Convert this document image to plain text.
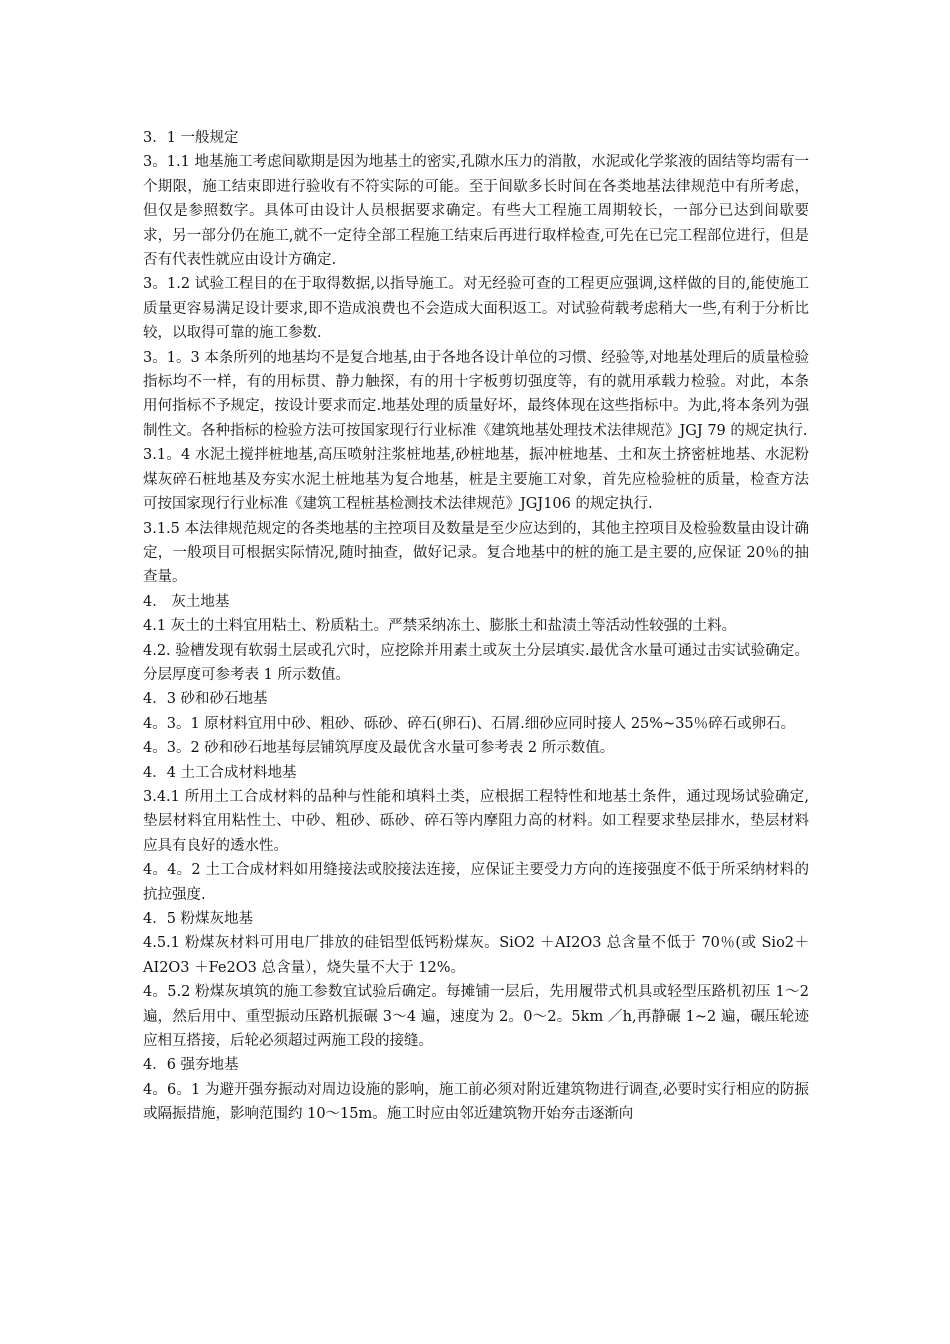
3．1 一般规定

3。1.1 地基施工考虑间歇期是因为地基土的密实,孔隙水压力的消散，水泥或化学浆液的固结等均需有一个期限，施工结束即进行验收有不符实际的可能。至于间歇多长时间在各类地基法律规范中有所考虑，但仅是参照数字。具体可由设计人员根据要求确定。有些大工程施工周期较长，一部分已达到间歇要求，另一部分仍在施工,就不一定待全部工程施工结束后再进行取样检查,可先在已完工程部位进行，但是否有代表性就应由设计方确定.

3。1.2 试验工程目的在于取得数据,以指导施工。对无经验可查的工程更应强调,这样做的目的,能使施工质量更容易满足设计要求,即不造成浪费也不会造成大面积返工。对试验荷载考虑稍大一些,有利于分析比较，以取得可靠的施工参数.

3。1。3 本条所列的地基均不是复合地基,由于各地各设计单位的习惯、经验等,对地基处理后的质量检验指标均不一样，有的用标贯、静力触探，有的用十字板剪切强度等，有的就用承载力检验。对此，本条用何指标不予规定，按设计要求而定.地基处理的质量好坏，最终体现在这些指标中。为此,将本条列为强制性文。各种指标的检验方法可按国家现行行业标准《建筑地基处理技术法律规范》JGJ 79 的规定执行.

3.1。4 水泥土搅拌桩地基,高压喷射注浆桩地基,砂桩地基，振冲桩地基、土和灰土挤密桩地基、水泥粉煤灰碎石桩地基及夯实水泥土桩地基为复合地基，桩是主要施工对象，首先应检验桩的质量，检查方法可按国家现行行业标准《建筑工程桩基检测技术法律规范》JGJ106 的规定执行.

3.1.5 本法律规范规定的各类地基的主控项目及数量是至少应达到的，其他主控项目及检验数量由设计确定，一般项目可根据实际情况,随时抽查，做好记录。复合地基中的桩的施工是主要的,应保证 20％的抽查量。

4． 灰土地基

4.1 灰土的土料宜用粘土、粉质粘土。严禁采纳冻土、膨胀土和盐渍土等活动性较强的土料。

4.2. 验槽发现有软弱土层或孔穴时，应挖除并用素土或灰土分层填实.最优含水量可通过击实试验确定。分层厚度可参考表 1 所示数值。

4．3 砂和砂石地基

4。3。1 原材料宜用中砂、粗砂、砾砂、碎石(卵石)、石屑.细砂应同时接人 25%~35％碎石或卵石。

4。3。2 砂和砂石地基每层铺筑厚度及最优含水量可参考表 2 所示数值。

4．4 土工合成材料地基

3.4.1 所用土工合成材料的品种与性能和填料土类，应根据工程特性和地基土条件，通过现场试验确定,垫层材料宜用粘性土、中砂、粗砂、砾砂、碎石等内摩阻力高的材料。如工程要求垫层排水，垫层材料应具有良好的透水性。

4。4。2 土工合成材料如用缝接法或胶接法连接，应保证主要受力方向的连接强度不低于所采纳材料的抗拉强度.

4．5 粉煤灰地基

4.5.1 粉煤灰材料可用电厂排放的硅铝型低钙粉煤灰。SiO2 ＋AI2O3 总含量不低于 70％(或 Sio2＋AI2O3 ＋Fe2O3 总含量），烧失量不大于 12%。

4。5.2 粉煤灰填筑的施工参数宜试验后确定。每摊铺一层后，先用履带式机具或轻型压路机初压 1～2 遍，然后用中、重型振动压路机振碾 3～4 遍，速度为 2。0～2。5km ／h,再静碾 1~2 遍，碾压轮迹应相互搭接，后轮必须超过两施工段的接缝。

4．6 强夯地基

4。6。1 为避开强夯振动对周边设施的影响，施工前必须对附近建筑物进行调查,必要时实行相应的防振或隔振措施，影响范围约 10～15m。施工时应由邻近建筑物开始夯击逐渐向
